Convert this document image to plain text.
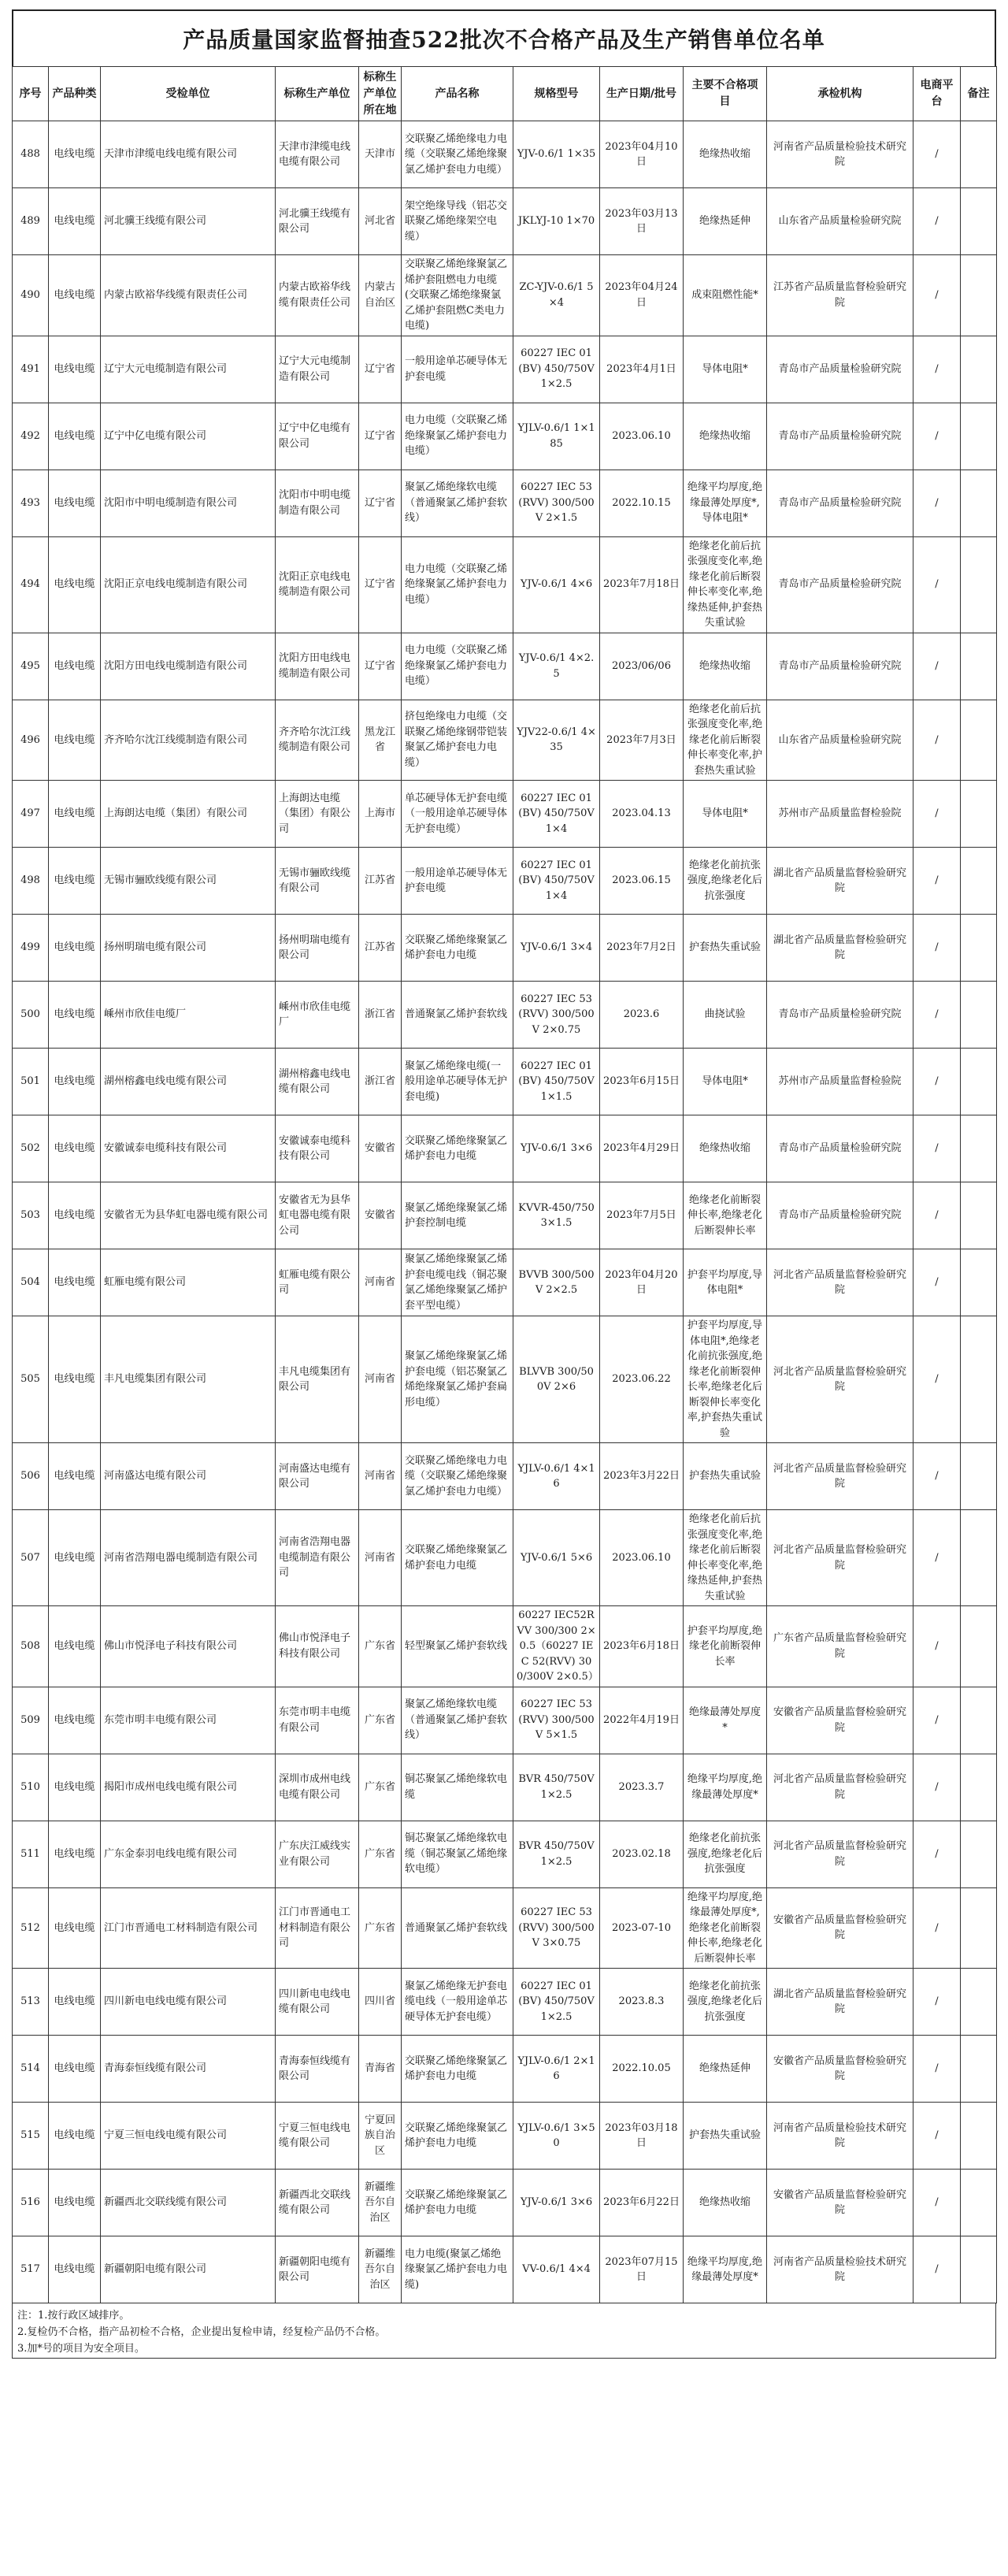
产品质量国家监督抽查522批次不合格产品及生产销售单位名单
序号	产品种类	受检单位	标称生产单位	标称生产单位所在地	产品名称	规格型号	生产日期/批号	主要不合格项目	承检机构	电商平台	备注
488	电线电缆	天津市津缆电线电缆有限公司	天津市津缆电线电缆有限公司	天津市	交联聚乙烯绝缘电力电缆（交联聚乙烯绝缘聚氯乙烯护套电力电缆）	YJV-0.6/1 1×35	2023年04月10日	绝缘热收缩	河南省产品质量检验技术研究院	/	
489	电线电缆	河北骥王线缆有限公司	河北骥王线缆有限公司	河北省	架空绝缘导线（铝芯交联聚乙烯绝缘架空电缆）	JKLYJ-10 1×70	2023年03月13日	绝缘热延伸	山东省产品质量检验研究院	/	
490	电线电缆	内蒙古欧裕华线缆有限责任公司	内蒙古欧裕华线缆有限责任公司	内蒙古自治区	交联聚乙烯绝缘聚氯乙烯护套阻燃电力电缆(交联聚乙烯绝缘聚氯乙烯护套阻燃C类电力电缆)	ZC-YJV-0.6/1 5×4	2023年04月24日	成束阻燃性能*	江苏省产品质量监督检验研究院	/	
491	电线电缆	辽宁大元电缆制造有限公司	辽宁大元电缆制造有限公司	辽宁省	一般用途单芯硬导体无护套电缆	60227 IEC 01(BV) 450/750V 1×2.5	2023年4月1日	导体电阻*	青岛市产品质量检验研究院	/	
492	电线电缆	辽宁中亿电缆有限公司	辽宁中亿电缆有限公司	辽宁省	电力电缆（交联聚乙烯绝缘聚氯乙烯护套电力电缆）	YJLV-0.6/1 1×185	2023.06.10	绝缘热收缩	青岛市产品质量检验研究院	/	
493	电线电缆	沈阳市中明电缆制造有限公司	沈阳市中明电缆制造有限公司	辽宁省	聚氯乙烯绝缘软电缆（普通聚氯乙烯护套软线）	60227 IEC 53(RVV) 300/500V 2×1.5	2022.10.15	绝缘平均厚度,绝缘最薄处厚度*,导体电阻*	青岛市产品质量检验研究院	/	
494	电线电缆	沈阳正京电线电缆制造有限公司	沈阳正京电线电缆制造有限公司	辽宁省	电力电缆（交联聚乙烯绝缘聚氯乙烯护套电力电缆）	YJV-0.6/1 4×6	2023年7月18日	绝缘老化前后抗张强度变化率,绝缘老化前后断裂伸长率变化率,绝缘热延伸,护套热失重试验	青岛市产品质量检验研究院	/	
495	电线电缆	沈阳方田电线电缆制造有限公司	沈阳方田电线电缆制造有限公司	辽宁省	电力电缆（交联聚乙烯绝缘聚氯乙烯护套电力电缆）	YJV-0.6/1 4×2.5	2023/06/06	绝缘热收缩	青岛市产品质量检验研究院	/	
496	电线电缆	齐齐哈尔沈江线缆制造有限公司	齐齐哈尔沈江线缆制造有限公司	黑龙江省	挤包绝缘电力电缆（交联聚乙烯绝缘钢带铠装聚氯乙烯护套电力电缆）	YJV22-0.6/1 4×35	2023年7月3日	绝缘老化前后抗张强度变化率,绝缘老化前后断裂伸长率变化率,护套热失重试验	山东省产品质量检验研究院	/	
497	电线电缆	上海朗达电缆（集团）有限公司	上海朗达电缆（集团）有限公司	上海市	单芯硬导体无护套电缆（一般用途单芯硬导体无护套电缆）	60227 IEC 01(BV) 450/750V 1×4	2023.04.13	导体电阻*	苏州市产品质量监督检验院	/	
498	电线电缆	无锡市骊欧线缆有限公司	无锡市骊欧线缆有限公司	江苏省	一般用途单芯硬导体无护套电缆	60227 IEC 01(BV) 450/750V 1×4	2023.06.15	绝缘老化前抗张强度,绝缘老化后抗张强度	湖北省产品质量监督检验研究院	/	
499	电线电缆	扬州明瑞电缆有限公司	扬州明瑞电缆有限公司	江苏省	交联聚乙烯绝缘聚氯乙烯护套电力电缆	YJV-0.6/1 3×4	2023年7月2日	护套热失重试验	湖北省产品质量监督检验研究院	/	
500	电线电缆	嵊州市欣佳电缆厂	嵊州市欣佳电缆厂	浙江省	普通聚氯乙烯护套软线	60227 IEC 53(RVV) 300/500V 2×0.75	2023.6	曲挠试验	青岛市产品质量检验研究院	/	
501	电线电缆	湖州榕鑫电线电缆有限公司	湖州榕鑫电线电缆有限公司	浙江省	聚氯乙烯绝缘电缆(一般用途单芯硬导体无护套电缆)	60227 IEC 01(BV) 450/750V 1×1.5	2023年6月15日	导体电阻*	苏州市产品质量监督检验院	/	
502	电线电缆	安徽诚泰电缆科技有限公司	安徽诚泰电缆科技有限公司	安徽省	交联聚乙烯绝缘聚氯乙烯护套电力电缆	YJV-0.6/1 3×6	2023年4月29日	绝缘热收缩	青岛市产品质量检验研究院	/	
503	电线电缆	安徽省无为县华虹电器电缆有限公司	安徽省无为县华虹电器电缆有限公司	安徽省	聚氯乙烯绝缘聚氯乙烯护套控制电缆	KVVR-450/750 3×1.5	2023年7月5日	绝缘老化前断裂伸长率,绝缘老化后断裂伸长率	青岛市产品质量检验研究院	/	
504	电线电缆	虹雁电缆有限公司	虹雁电缆有限公司	河南省	聚氯乙烯绝缘聚氯乙烯护套电缆电线（铜芯聚氯乙烯绝缘聚氯乙烯护套平型电缆）	BVVB 300/500V 2×2.5	2023年04月20日	护套平均厚度,导体电阻*	河北省产品质量监督检验研究院	/	
505	电线电缆	丰凡电缆集团有限公司	丰凡电缆集团有限公司	河南省	聚氯乙烯绝缘聚氯乙烯护套电缆（铝芯聚氯乙烯绝缘聚氯乙烯护套扁形电缆）	BLVVB 300/500V 2×6	2023.06.22	护套平均厚度,导体电阻*,绝缘老化前抗张强度,绝缘老化前断裂伸长率,绝缘老化后断裂伸长率变化率,护套热失重试验	河北省产品质量监督检验研究院	/	
506	电线电缆	河南盛达电缆有限公司	河南盛达电缆有限公司	河南省	交联聚乙烯绝缘电力电缆（交联聚乙烯绝缘聚氯乙烯护套电力电缆）	YJLV-0.6/1 4×16	2023年3月22日	护套热失重试验	河北省产品质量监督检验研究院	/	
507	电线电缆	河南省浩翔电器电缆制造有限公司	河南省浩翔电器电缆制造有限公司	河南省	交联聚乙烯绝缘聚氯乙烯护套电力电缆	YJV-0.6/1 5×6	2023.06.10	绝缘老化前后抗张强度变化率,绝缘老化前后断裂伸长率变化率,绝缘热延伸,护套热失重试验	河北省产品质量监督检验研究院	/	
508	电线电缆	佛山市悦泽电子科技有限公司	佛山市悦泽电子科技有限公司	广东省	轻型聚氯乙烯护套软线	60227 IEC52RVV 300/300 2×0.5（60227 IEC 52(RVV) 300/300V 2×0.5）	2023年6月18日	护套平均厚度,绝缘老化前断裂伸长率	广东省产品质量监督检验研究院	/	
509	电线电缆	东莞市明丰电缆有限公司	东莞市明丰电缆有限公司	广东省	聚氯乙烯绝缘软电缆（普通聚氯乙烯护套软线）	60227 IEC 53(RVV) 300/500V 5×1.5	2022年4月19日	绝缘最薄处厚度*	安徽省产品质量监督检验研究院	/	
510	电线电缆	揭阳市成州电线电缆有限公司	深圳市成州电线电缆有限公司	广东省	铜芯聚氯乙烯绝缘软电缆	BVR 450/750V 1×2.5	2023.3.7	绝缘平均厚度,绝缘最薄处厚度*	河北省产品质量监督检验研究院	/	
511	电线电缆	广东金泰羽电线电缆有限公司	广东庆江威线实业有限公司	广东省	铜芯聚氯乙烯绝缘软电缆（铜芯聚氯乙烯绝缘软电缆）	BVR 450/750V 1×2.5	2023.02.18	绝缘老化前抗张强度,绝缘老化后抗张强度	河北省产品质量监督检验研究院	/	
512	电线电缆	江门市晋通电工材料制造有限公司	江门市晋通电工材料制造有限公司	广东省	普通聚氯乙烯护套软线	60227 IEC 53(RVV) 300/500V 3×0.75	2023-07-10	绝缘平均厚度,绝缘最薄处厚度*,绝缘老化前断裂伸长率,绝缘老化后断裂伸长率	安徽省产品质量监督检验研究院	/	
513	电线电缆	四川新电电线电缆有限公司	四川新电电线电缆有限公司	四川省	聚氯乙烯绝缘无护套电缆电线（一般用途单芯硬导体无护套电缆）	60227 IEC 01 (BV) 450/750V 1×2.5	2023.8.3	绝缘老化前抗张强度,绝缘老化后抗张强度	湖北省产品质量监督检验研究院	/	
514	电线电缆	青海泰恒线缆有限公司	青海泰恒线缆有限公司	青海省	交联聚乙烯绝缘聚氯乙烯护套电力电缆	YJLV-0.6/1 2×16	2022.10.05	绝缘热延伸	安徽省产品质量监督检验研究院	/	
515	电线电缆	宁夏三恒电线电缆有限公司	宁夏三恒电线电缆有限公司	宁夏回族自治区	交联聚乙烯绝缘聚氯乙烯护套电力电缆	YJLV-0.6/1 3×50	2023年03月18日	护套热失重试验	河南省产品质量检验技术研究院	/	
516	电线电缆	新疆西北交联线缆有限公司	新疆西北交联线缆有限公司	新疆维吾尔自治区	交联聚乙烯绝缘聚氯乙烯护套电力电缆	YJV-0.6/1 3×6	2023年6月22日	绝缘热收缩	安徽省产品质量监督检验研究院	/	
517	电线电缆	新疆朝阳电缆有限公司	新疆朝阳电缆有限公司	新疆维吾尔自治区	电力电缆(聚氯乙烯绝缘聚氯乙烯护套电力电缆)	VV-0.6/1 4×4	2023年07月15日	绝缘平均厚度,绝缘最薄处厚度*	河南省产品质量检验技术研究院	/	
注：1.按行政区域排序。
2.复检仍不合格，指产品初检不合格，企业提出复检申请，经复检产品仍不合格。
3.加*号的项目为安全项目。
